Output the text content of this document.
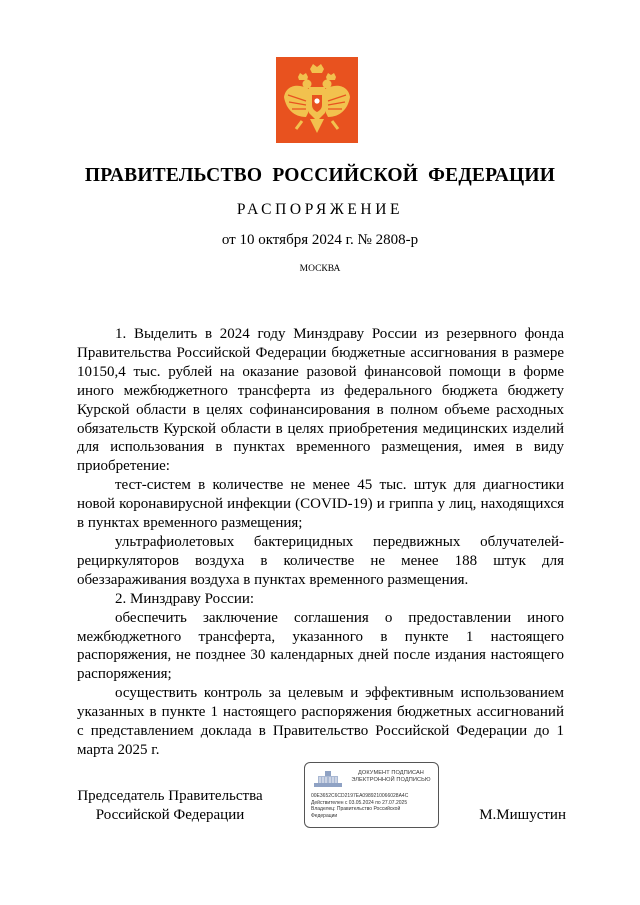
ПРАВИТЕЛЬСТВО РОССИЙСКОЙ ФЕДЕРАЦИИ
РАСПОРЯЖЕНИЕ
от 10 октября 2024 г. № 2808-р
МОСКВА

1. Выделить в 2024 году Минздраву России из резервного фонда Правительства Российской Федерации бюджетные ассигнования в размере 10150,4 тыс. рублей на оказание разовой финансовой помощи в форме иного межбюджетного трансферта из федерального бюджета бюджету Курской области в целях софинансирования в полном объеме расходных обязательств Курской области в целях приобретения медицинских изделий для использования в пунктах временного размещения, имея в виду приобретение:

тест-систем в количестве не менее 45 тыс. штук для диагностики новой коронавирусной инфекции (COVID-19) и гриппа у лиц, находящихся в пунктах временного размещения;

ультрафиолетовых бактерицидных передвижных облучателей-рециркуляторов воздуха в количестве не менее 188 штук для обеззараживания воздуха в пунктах временного размещения.

2. Минздраву России:

обеспечить заключение соглашения о предоставлении иного межбюджетного трансферта, указанного в пункте 1 настоящего распоряжения, не позднее 30 календарных дней после издания настоящего распоряжения;

осуществить контроль за целевым и эффективным использованием указанных в пункте 1 настоящего распоряжения бюджетных ассигнований с представлением доклада в Правительство Российской Федерации до 1 марта 2025 г.

Председатель Правительства
Российской Федерации
ДОКУМЕНТ ПОДПИСАН
ЭЛЕКТРОННОЙ ПОДПИСЬЮ
00E3652C6CD2197EA0989210066028A4C
Действителен с 03.05.2024 по 27.07.2025
Владелец: Правительство Российской
Федерации	М.Мишустин
